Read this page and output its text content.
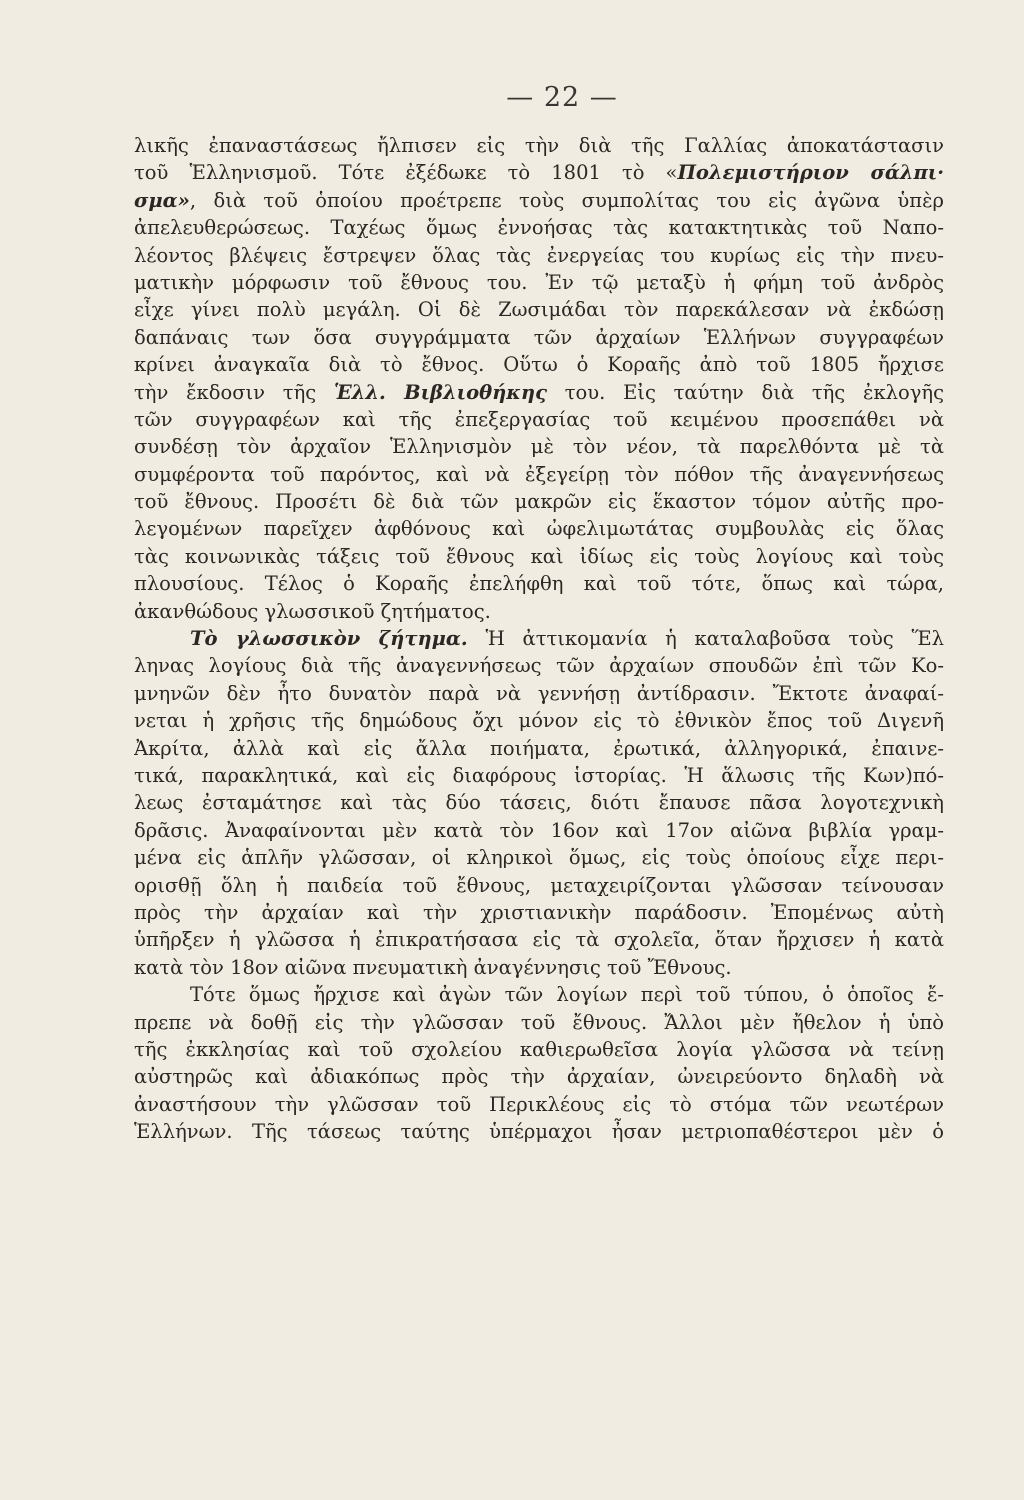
— 22 —
λικῆς ἐπαναστάσεως ἤλπισεν εἰς τὴν διὰ τῆς Γαλλίας ἀποκατάστασιν
τοῦ Ἑλληνισμοῦ. Τότε ἐξέδωκε τὸ 1801 τὸ «Πολεμιστήριον σάλπι·
σμα», διὰ τοῦ ὁποίου προέτρεπε τοὺς συμπολίτας του εἰς ἀγῶνα ὑπὲρ
ἀπελευθερώσεως. Ταχέως ὅμως ἐννοήσας τὰς κατακτητικὰς τοῦ Ναπο-
λέοντος βλέψεις ἔστρεψεν ὅλας τὰς ἐνεργείας του κυρίως εἰς τὴν πνευ-
ματικὴν μόρφωσιν τοῦ ἔθνους του. Ἐν τῷ μεταξὺ ἡ φήμη τοῦ ἀνδρὸς
εἶχε γίνει πολὺ μεγάλη. Οἱ δὲ Ζωσιμάδαι τὸν παρεκάλεσαν νὰ ἐκδώσῃ
δαπάναις των ὅσα συγγράμματα τῶν ἀρχαίων Ἑλλήνων συγγραφέων
κρίνει ἀναγκαῖα διὰ τὸ ἔθνος. Οὕτω ὁ Κοραῆς ἀπὸ τοῦ 1805 ἤρχισε
τὴν ἔκδοσιν τῆς Ἑλλ. Βιβλιοθήκης του. Εἰς ταύτην διὰ τῆς ἐκλογῆς
τῶν συγγραφέων καὶ τῆς ἐπεξεργασίας τοῦ κειμένου προσεπάθει νὰ
συνδέσῃ τὸν ἀρχαῖον Ἑλληνισμὸν μὲ τὸν νέον, τὰ παρελθόντα μὲ τὰ
συμφέροντα τοῦ παρόντος, καὶ νὰ ἐξεγείρῃ τὸν πόθον τῆς ἀναγεννήσεως
τοῦ ἔθνους. Προσέτι δὲ διὰ τῶν μακρῶν εἰς ἕκαστον τόμον αὐτῆς προ-
λεγομένων παρεῖχεν ἀφθόνους καὶ ὠφελιμωτάτας συμβουλὰς εἰς ὅλας
τὰς κοινωνικὰς τάξεις τοῦ ἔθνους καὶ ἰδίως εἰς τοὺς λογίους καὶ τοὺς
πλουσίους. Τέλος ὁ Κοραῆς ἐπελήφθη καὶ τοῦ τότε, ὅπως καὶ τώρα,
ἀκανθώδους γλωσσικοῦ ζητήματος.
Τὸ γλωσσικὸν ζήτημα. Ἡ ἀττικομανία ἡ καταλαβοῦσα τοὺς Ἕλ
ληνας λογίους διὰ τῆς ἀναγεννήσεως τῶν ἀρχαίων σπουδῶν ἐπὶ τῶν Κο-
μνηνῶν δὲν ἦτο δυνατὸν παρὰ νὰ γεννήσῃ ἀντίδρασιν. Ἔκτοτε ἀναφαί-
νεται ἡ χρῆσις τῆς δημώδους ὄχι μόνον εἰς τὸ ἐθνικὸν ἔπος τοῦ Διγενῆ
Ἀκρίτα, ἀλλὰ καὶ εἰς ἄλλα ποιήματα, ἐρωτικά, ἀλληγορικά, ἐπαινε-
τικά, παρακλητικά, καὶ εἰς διαφόρους ἱστορίας. Ἡ ἅλωσις τῆς Κων)πό-
λεως ἐσταμάτησε καὶ τὰς δύο τάσεις, διότι ἔπαυσε πᾶσα λογοτεχνικὴ
δρᾶσις. Ἀναφαίνονται μὲν κατὰ τὸν 16ον καὶ 17ον αἰῶνα βιβλία γραμ-
μένα εἰς ἁπλῆν γλῶσσαν, οἱ κληρικοὶ ὅμως, εἰς τοὺς ὁποίους εἶχε περι-
ορισθῇ ὅλη ἡ παιδεία τοῦ ἔθνους, μεταχειρίζονται γλῶσσαν τείνουσαν
πρὸς τὴν ἀρχαίαν καὶ τὴν χριστιανικὴν παράδοσιν. Ἐπομένως αὐτὴ
ὑπῆρξεν ἡ γλῶσσα ἡ ἐπικρατήσασα εἰς τὰ σχολεῖα, ὅταν ἤρχισεν ἡ κατὰ
κατὰ τὸν 18ον αἰῶνα πνευματικὴ ἀναγέννησις τοῦ Ἔθνους.
Τότε ὅμως ἤρχισε καὶ ἀγὼν τῶν λογίων περὶ τοῦ τύπου, ὁ ὁποῖος ἔ-
πρεπε νὰ δοθῇ εἰς τὴν γλῶσσαν τοῦ ἔθνους. Ἄλλοι μὲν ἤθελον ἡ ὑπὸ
τῆς ἐκκλησίας καὶ τοῦ σχολείου καθιερωθεῖσα λογία γλῶσσα νὰ τείνῃ
αὐστηρῶς καὶ ἀδιακόπως πρὸς τὴν ἀρχαίαν, ὠνειρεύοντο δηλαδὴ νὰ
ἀναστήσουν τὴν γλῶσσαν τοῦ Περικλέους εἰς τὸ στόμα τῶν νεωτέρων
Ἑλλήνων. Τῆς τάσεως ταύτης ὑπέρμαχοι ἦσαν μετριοπαθέστεροι μὲν ὁ
